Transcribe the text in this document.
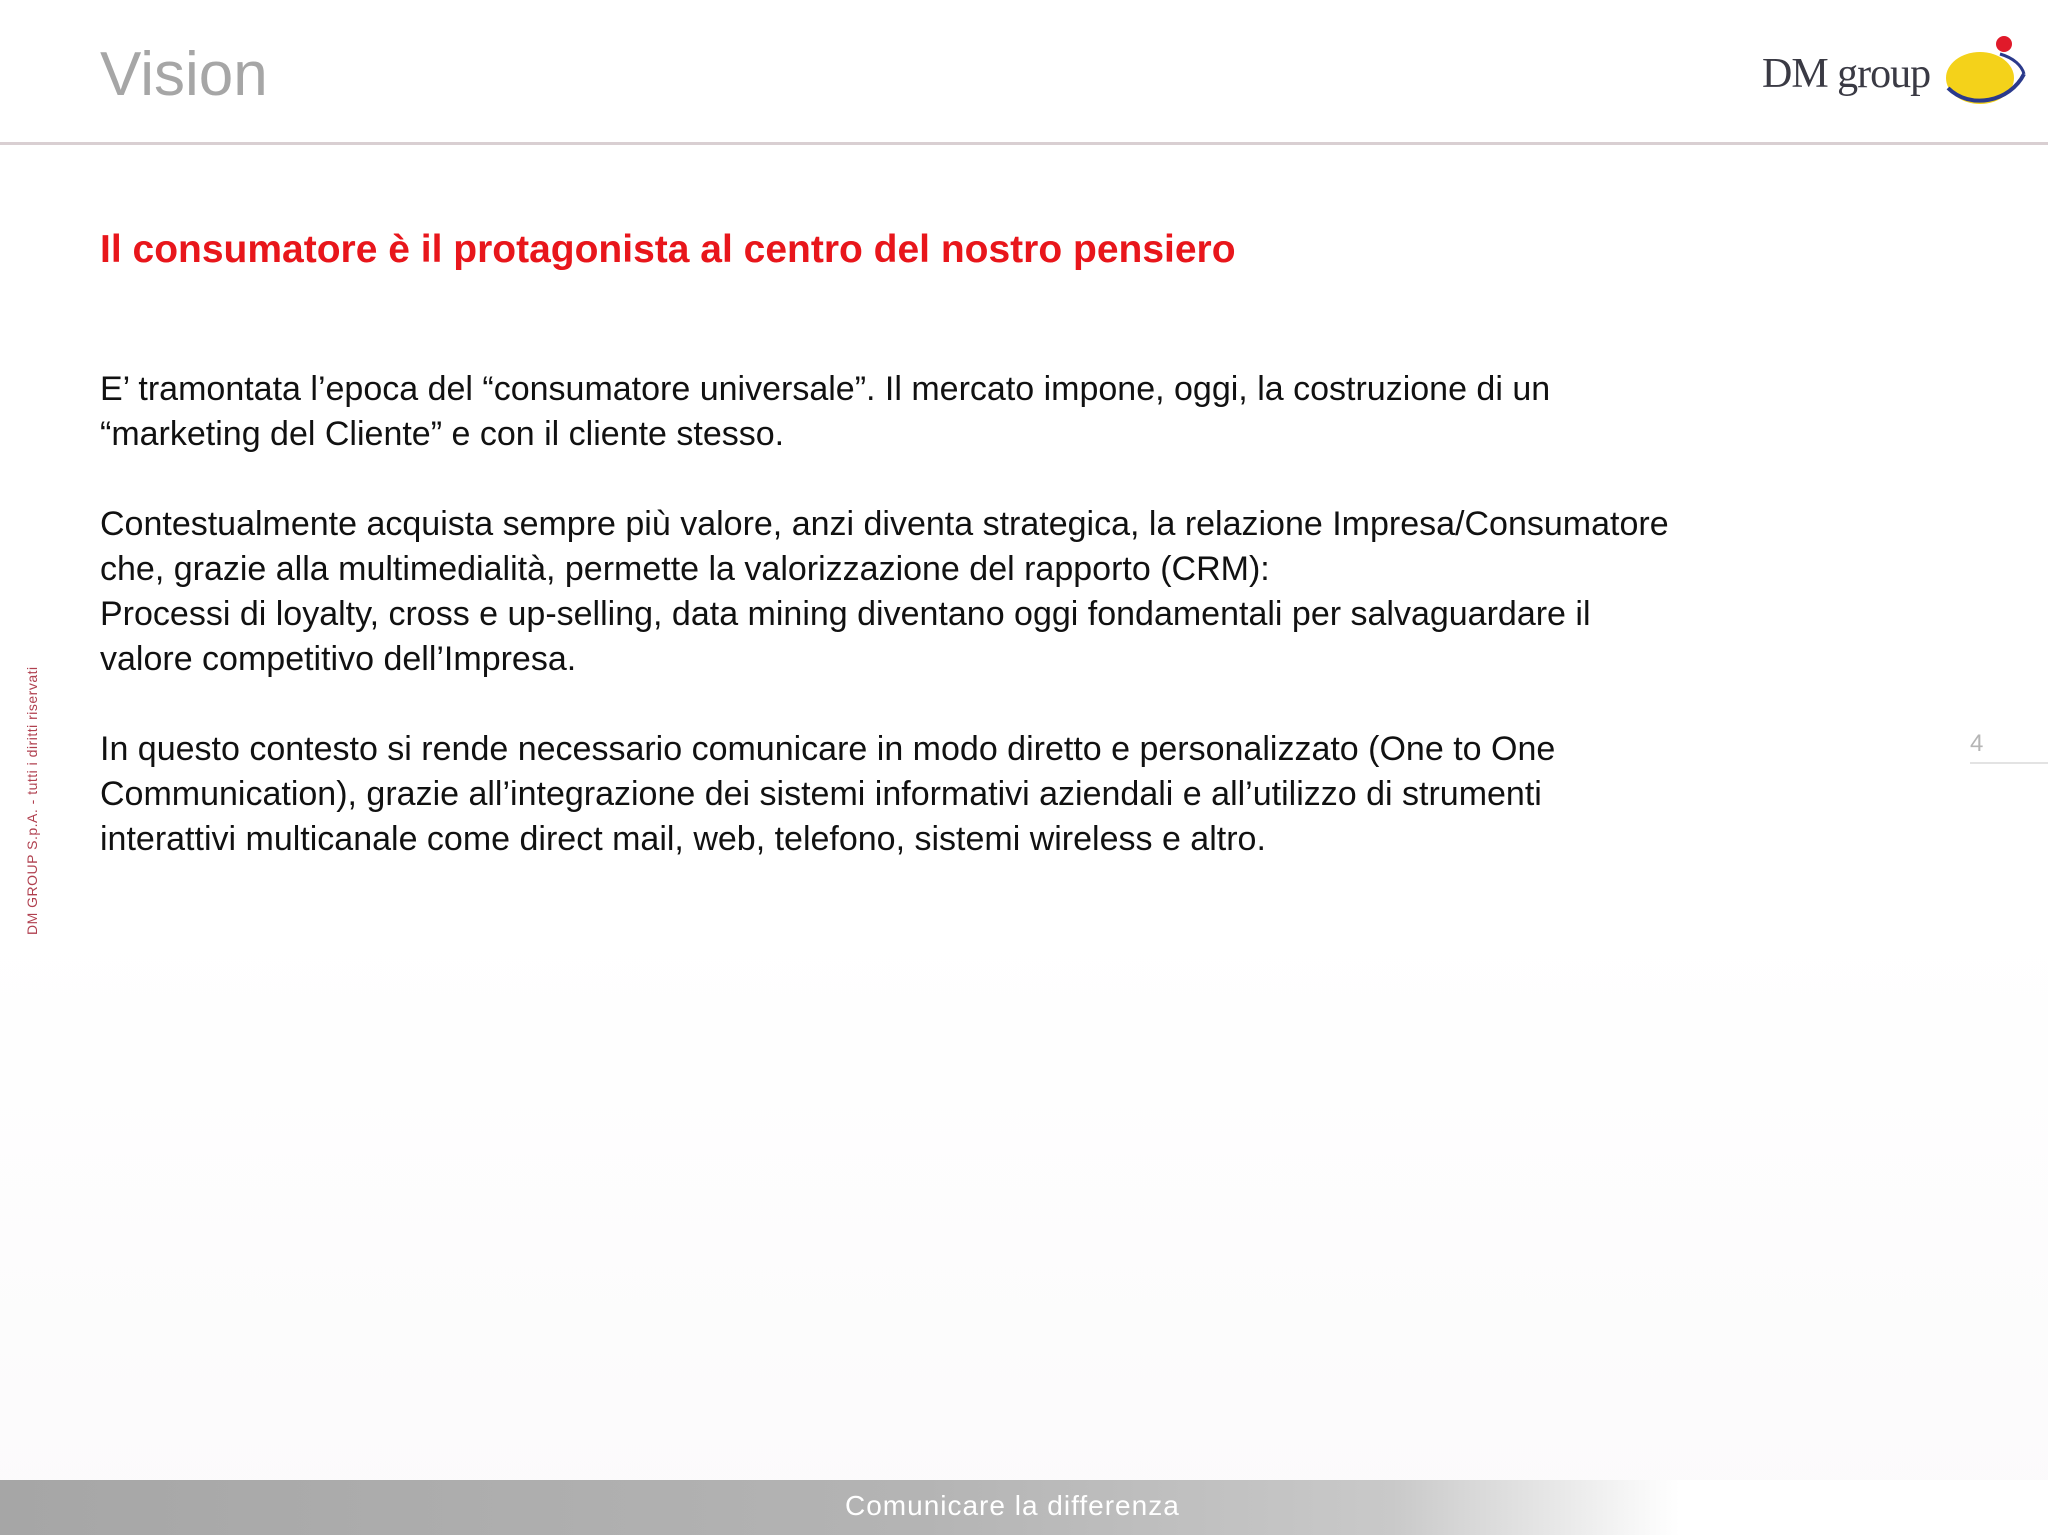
Vision	DM group
Il consumatore è il protagonista al centro del nostro pensiero

E’ tramontata l’epoca del “consumatore universale”. Il mercato impone, oggi, la costruzione di un
“marketing del Cliente” e con il cliente stesso.

Contestualmente acquista sempre più valore, anzi diventa strategica, la relazione Impresa/Consumatore
che, grazie alla multimedialità, permette la valorizzazione del rapporto (CRM):
Processi di loyalty, cross e up-selling, data mining diventano oggi fondamentali per salvaguardare il
valore competitivo dell’Impresa.

In questo contesto si rende necessario comunicare in modo diretto e personalizzato (One to One
Communication), grazie all’integrazione dei sistemi informativi aziendali e all’utilizzo di strumenti
interattivi multicanale come direct mail, web, telefono, sistemi wireless e altro.

DM GROUP S.p.A. - tutti i diritti riservati	4
Comunicare la differenza
